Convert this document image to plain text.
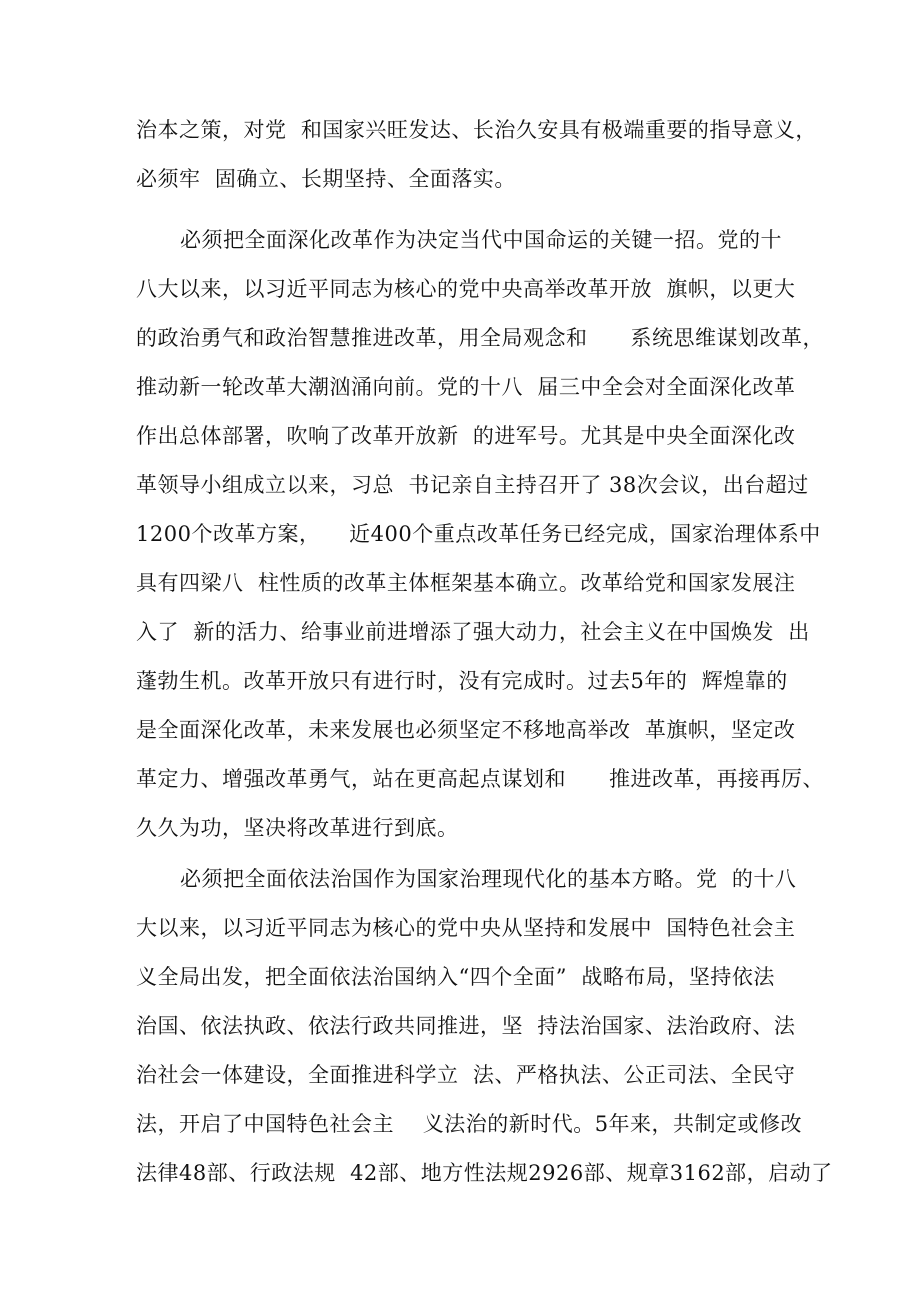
治本之策，对党  和国家兴旺发达、长治久安具有极端重要的指导意义，
必须牢  固确立、长期坚持、全面落实。
必须把全面深化改革作为决定当代中国命运的关键一招。党的十
八大以来，以习近平同志为核心的党中央高举改革开放  旗帜，以更大
的政治勇气和政治智慧推进改革，用全局观念和      系统思维谋划改革，
推动新一轮改革大潮汹涌向前。党的十八  届三中全会对全面深化改革
作出总体部署，吹响了改革开放新  的进军号。尤其是中央全面深化改
革领导小组成立以来，习总  书记亲自主持召开了 38次会议，出台超过
1200个改革方案，    近400个重点改革任务已经完成，国家治理体系中
具有四梁八  柱性质的改革主体框架基本确立。改革给党和国家发展注
入了  新的活力、给事业前进增添了强大动力，社会主义在中国焕发  出
蓬勃生机。改革开放只有进行时，没有完成时。过去5年的  辉煌靠的
是全面深化改革，未来发展也必须坚定不移地高举改  革旗帜，坚定改
革定力、增强改革勇气，站在更高起点谋划和      推进改革，再接再厉、
久久为功，坚决将改革进行到底。
必须把全面依法治国作为国家治理现代化的基本方略。党  的十八
大以来，以习近平同志为核心的党中央从坚持和发展中  国特色社会主
义全局出发，把全面依法治国纳入“四个全面”  战略布局，坚持依法
治国、依法执政、依法行政共同推进，坚  持法治国家、法治政府、法
治社会一体建设，全面推进科学立  法、严格执法、公正司法、全民守
法，开启了中国特色社会主    义法治的新时代。5年来，共制定或修改
法律48部、行政法规  42部、地方性法规2926部、规章3162部，启动了
